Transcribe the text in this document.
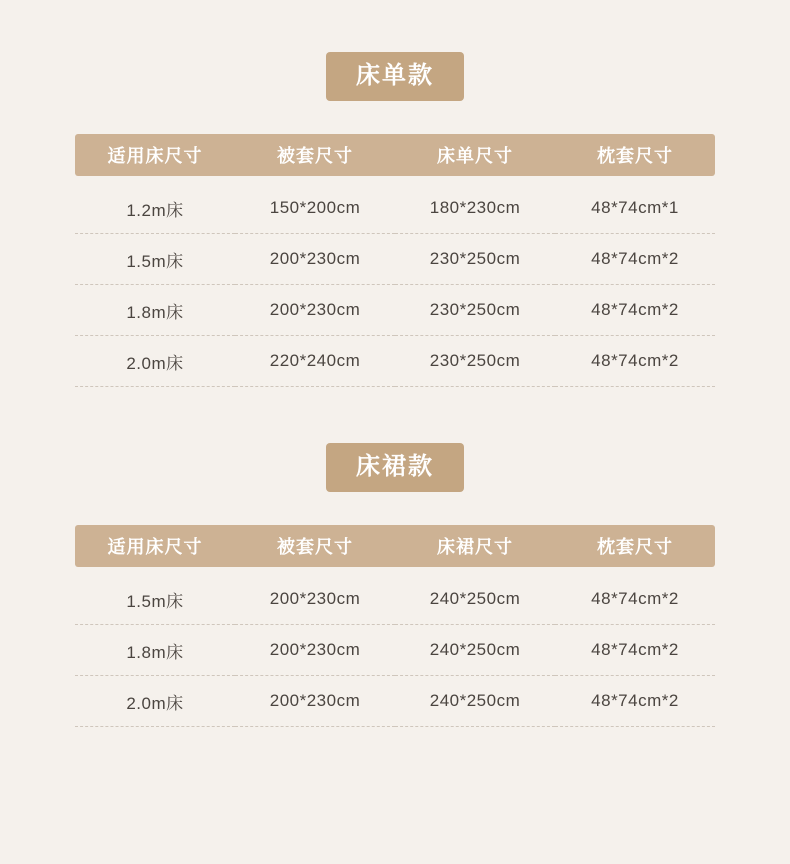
床单款
适用床尺寸	被套尺寸	床单尺寸	枕套尺寸
1.2m床	150*200cm	180*230cm	48*74cm*1
1.5m床	200*230cm	230*250cm	48*74cm*2
1.8m床	200*230cm	230*250cm	48*74cm*2
2.0m床	220*240cm	230*250cm	48*74cm*2
床裙款
适用床尺寸	被套尺寸	床裙尺寸	枕套尺寸
1.5m床	200*230cm	240*250cm	48*74cm*2
1.8m床	200*230cm	240*250cm	48*74cm*2
2.0m床	200*230cm	240*250cm	48*74cm*2
